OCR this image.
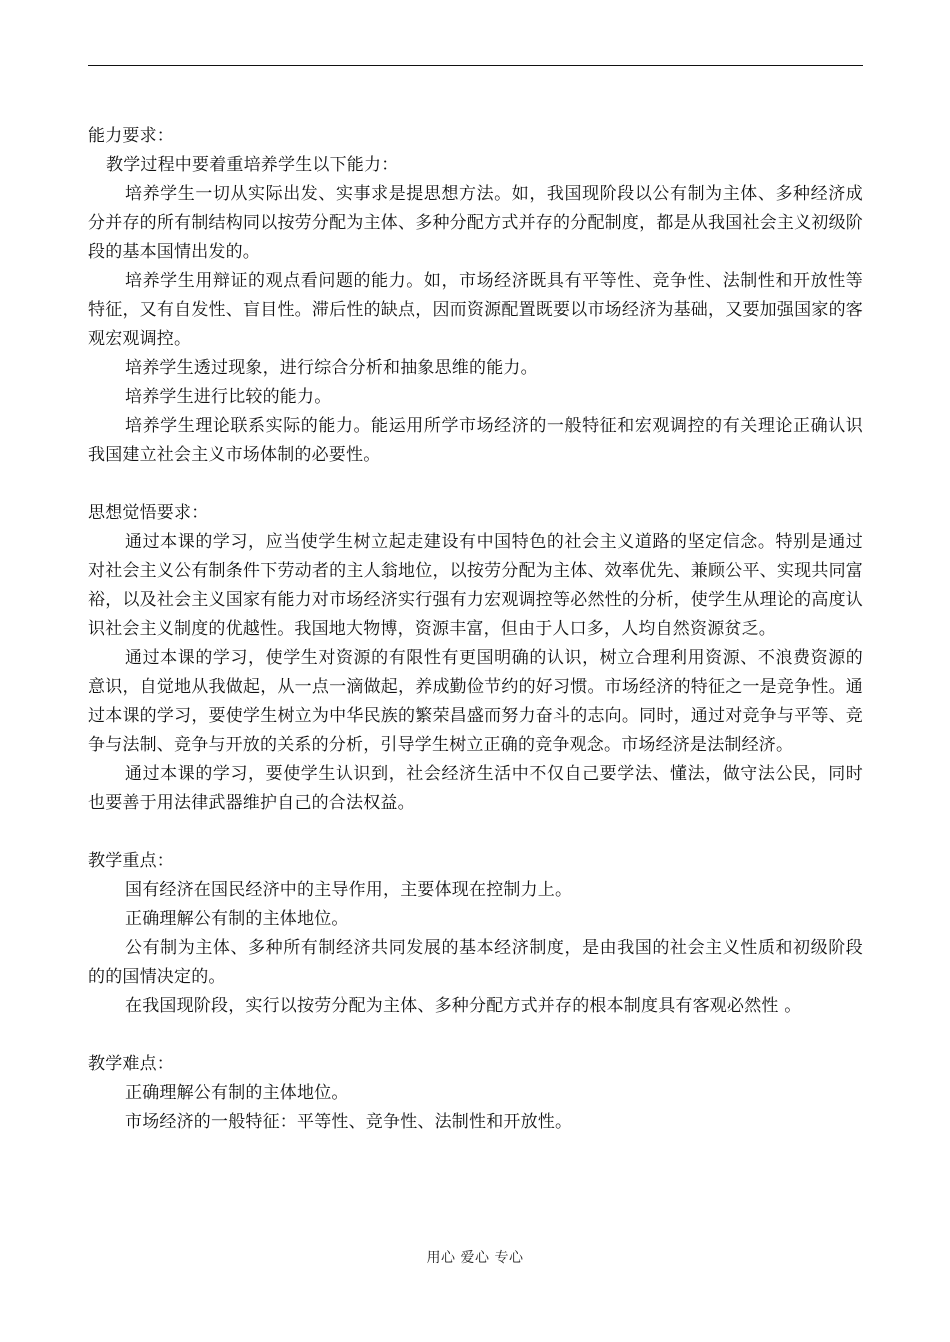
能力要求：

教学过程中要着重培养学生以下能力：

培养学生一切从实际出发、实事求是提思想方法。如，我国现阶段以公有制为主体、多种经济成分并存的所有制结构同以按劳分配为主体、多种分配方式并存的分配制度，都是从我国社会主义初级阶段的基本国情出发的。

培养学生用辩证的观点看问题的能力。如，市场经济既具有平等性、竞争性、法制性和开放性等特征，又有自发性、盲目性。滞后性的缺点，因而资源配置既要以市场经济为基础，又要加强国家的客观宏观调控。

培养学生透过现象，进行综合分析和抽象思维的能力。

培养学生进行比较的能力。

培养学生理论联系实际的能力。能运用所学市场经济的一般特征和宏观调控的有关理论正确认识我国建立社会主义市场体制的必要性。

思想觉悟要求：

通过本课的学习，应当使学生树立起走建设有中国特色的社会主义道路的坚定信念。特别是通过对社会主义公有制条件下劳动者的主人翁地位，以按劳分配为主体、效率优先、兼顾公平、实现共同富裕，以及社会主义国家有能力对市场经济实行强有力宏观调控等必然性的分析，使学生从理论的高度认识社会主义制度的优越性。我国地大物博，资源丰富，但由于人口多，人均自然资源贫乏。

通过本课的学习，使学生对资源的有限性有更国明确的认识，树立合理利用资源、不浪费资源的意识，自觉地从我做起，从一点一滴做起，养成勤俭节约的好习惯。市场经济的特征之一是竞争性。通过本课的学习，要使学生树立为中华民族的繁荣昌盛而努力奋斗的志向。同时，通过对竞争与平等、竞争与法制、竞争与开放的关系的分析，引导学生树立正确的竞争观念。市场经济是法制经济。

通过本课的学习，要使学生认识到，社会经济生活中不仅自己要学法、懂法，做守法公民，同时也要善于用法律武器维护自己的合法权益。

教学重点：

国有经济在国民经济中的主导作用，主要体现在控制力上。

正确理解公有制的主体地位。

公有制为主体、多种所有制经济共同发展的基本经济制度，是由我国的社会主义性质和初级阶段的的国情决定的。

在我国现阶段，实行以按劳分配为主体、多种分配方式并存的根本制度具有客观必然性 。

教学难点：

正确理解公有制的主体地位。

市场经济的一般特征：平等性、竞争性、法制性和开放性。

用心 爱心 专心
